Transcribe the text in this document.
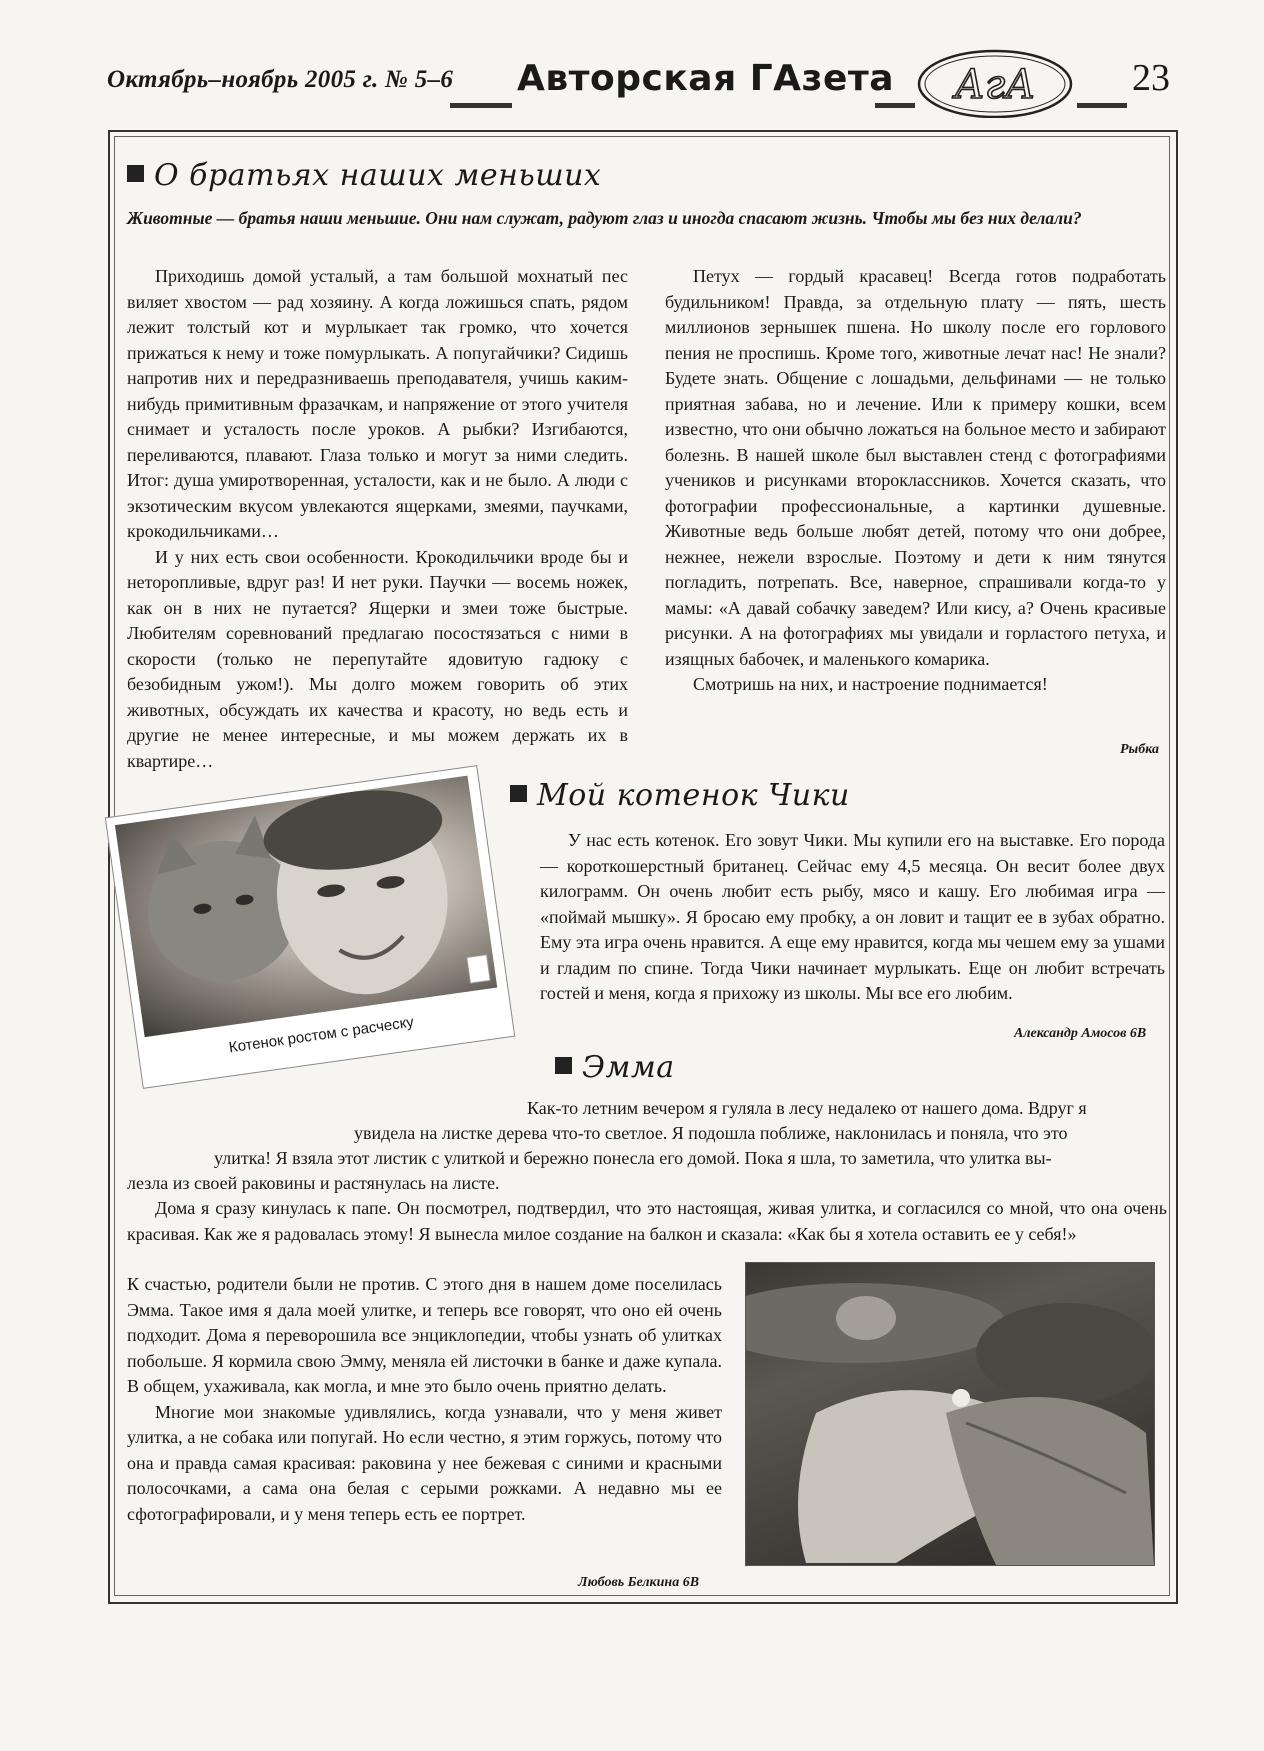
Октябрь–ноябрь 2005 г. № 5–6 Авторская ГАзета АгА	23
О братьях наших меньших
Животные — братья наши меньшие. Они нам служат, радуют глаз и иногда спасают жизнь. Чтобы мы без них делали?

Приходишь домой усталый, а там большой мохнатый пес виляет хвостом — рад хозяину. А когда ложишься спать, рядом лежит толстый кот и мурлыкает так громко, что хочется прижаться к нему и тоже помурлыкать. А попугайчики? Сидишь напротив них и передразниваешь преподавателя, учишь каким-нибудь примитивным фразачкам, и напряжение от этого учителя снимает и усталость после уроков. А рыбки? Изгибаются, переливаются, плавают. Глаза только и могут за ними следить. Итог: душа умиротворенная, усталости, как и не было. А люди с экзотическим вкусом увлекаются ящерками, змеями, паучками, крокодильчиками…

И у них есть свои особенности. Крокодильчики вроде бы и неторопливые, вдруг раз! И нет руки. Паучки — восемь ножек, как он в них не путается? Ящерки и змеи тоже быстрые. Любителям соревнований предлагаю посостязаться с ними в скорости (только не перепутайте ядовитую гадюку с безобидным ужом!). Мы долго можем говорить об этих животных, обсуждать их качества и красоту, но ведь есть и другие не менее интересные, и мы можем держать их в квартире…

Петух — гордый красавец! Всегда готов подработать будильником! Правда, за отдельную плату — пять, шесть миллионов зернышек пшена. Но школу после его горлового пения не проспишь. Кроме того, животные лечат нас! Не знали? Будете знать. Общение с лошадьми, дельфинами — не только приятная забава, но и лечение. Или к примеру кошки, всем известно, что они обычно ложаться на больное место и забирают болезнь. В нашей школе был выставлен стенд с фотографиями учеников и рисунками второклассников. Хочется сказать, что фотографии профессиональные, а картинки душевные. Животные ведь больше любят детей, потому что они добрее, нежнее, нежели взрослые. Поэтому и дети к ним тянутся погладить, потрепать. Все, наверное, спрашивали когда-то у мамы: «А давай собачку заведем? Или кису, а? Очень красивые рисунки. А на фотографиях мы увидали и горластого петуха, и изящных бабочек, и маленького комарика.

Смотришь на них, и настроение поднимается!

Рыбка
Котенок ростом с расческу
Мой котенок Чики

У нас есть котенок. Его зовут Чики. Мы купили его на выставке. Его порода — короткошерстный британец. Сейчас ему 4,5 месяца. Он весит более двух килограмм. Он очень любит есть рыбу, мясо и кашу. Его любимая игра — «поймай мышку». Я бросаю ему пробку, а он ловит и тащит ее в зубах обратно. Ему эта игра очень нравится. А еще ему нравится, когда мы чешем ему за ушами и гладим по спине. Тогда Чики начинает мурлыкать. Еще он любит встречать гостей и меня, когда я прихожу из школы. Мы все его любим.

Александр Амосов 6В
Эмма
Как-то летним вечером я гуляла в лесу недалеко от нашего дома. Вдруг я
увидела на листке дерева что-то светлое. Я подошла поближе, наклонилась и поняла, что это
улитка! Я взяла этот листик с улиткой и бережно понесла его домой. Пока я шла, то заметила, что улитка вы-
лезла из своей раковины и растянулась на листе.

Дома я сразу кинулась к папе. Он посмотрел, подтвердил, что это настоящая, живая улитка, и согласился со мной, что она очень красивая. Как же я радовалась этому! Я вынесла милое создание на балкон и сказала: «Как бы я хотела оставить ее у себя!»

К счастью, родители были не против. С этого дня в нашем доме поселилась Эмма. Такое имя я дала моей улитке, и теперь все говорят, что оно ей очень подходит. Дома я переворошила все энциклопедии, чтобы узнать об улитках побольше. Я кормила свою Эмму, меняла ей листочки в банке и даже купала. В общем, ухаживала, как могла, и мне это было очень приятно делать.

Многие мои знакомые удивлялись, когда узнавали, что у меня живет улитка, а не собака или попугай. Но если честно, я этим горжусь, потому что она и правда самая красивая: раковина у нее бежевая с синими и красными полосочками, а сама она белая с серыми рожками. А недавно мы ее сфотографировали, и у меня теперь есть ее портрет.

Любовь Белкина 6В
